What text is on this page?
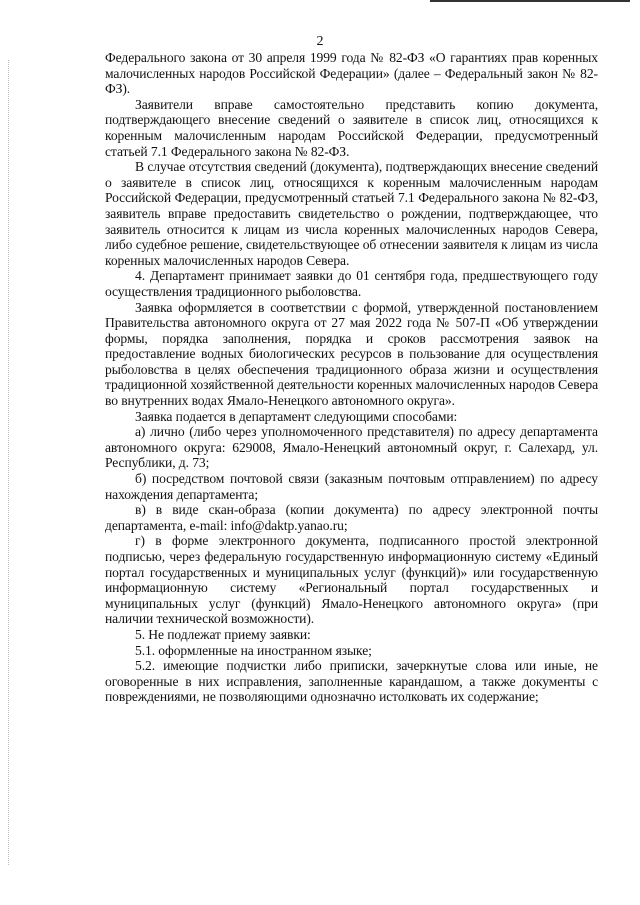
2

Федерального закона от 30 апреля 1999 года № 82-ФЗ «О гарантиях прав коренных малочисленных народов Российской Федерации» (далее – Федеральный закон № 82-ФЗ).

Заявители вправе самостоятельно представить копию документа, подтверждающего внесение сведений о заявителе в список лиц, относящихся к коренным малочисленным народам Российской Федерации, предусмотренный статьей 7.1 Федерального закона № 82-ФЗ.

В случае отсутствия сведений (документа), подтверждающих внесение сведений о заявителе в список лиц, относящихся к коренным малочисленным народам Российской Федерации, предусмотренный статьей 7.1 Федерального закона № 82-ФЗ, заявитель вправе предоставить свидетельство о рождении, подтверждающее, что заявитель относится к лицам из числа коренных малочисленных народов Севера, либо судебное решение, свидетельствующее об отнесении заявителя к лицам из числа коренных малочисленных народов Севера.

4. Департамент принимает заявки до 01 сентября года, предшествующего году осуществления традиционного рыболовства.

Заявка оформляется в соответствии с формой, утвержденной постановлением Правительства автономного округа от 27 мая 2022 года № 507-П «Об утверждении формы, порядка заполнения, порядка и сроков рассмотрения заявок на предоставление водных биологических ресурсов в пользование для осуществления рыболовства в целях обеспечения традиционного образа жизни и осуществления традиционной хозяйственной деятельности коренных малочисленных народов Севера во внутренних водах Ямало-Ненецкого автономного округа».

Заявка подается в департамент следующими способами:

а) лично (либо через уполномоченного представителя) по адресу департамента автономного округа: 629008, Ямало-Ненецкий автономный округ, г. Салехард, ул. Республики, д. 73;

б) посредством почтовой связи (заказным почтовым отправлением) по адресу нахождения департамента;

в) в виде скан-образа (копии документа) по адресу электронной почты департамента, e-mail: info@daktp.yanao.ru;

г) в форме электронного документа, подписанного простой электронной подписью, через федеральную государственную информационную систему «Единый портал государственных и муниципальных услуг (функций)» или государственную информационную систему «Региональный портал государственных и муниципальных услуг (функций) Ямало-Ненецкого автономного округа» (при наличии технической возможности).

5. Не подлежат приему заявки:

5.1. оформленные на иностранном языке;

5.2. имеющие подчистки либо приписки, зачеркнутые слова или иные, не оговоренные в них исправления, заполненные карандашом, а также документы с повреждениями, не позволяющими однозначно истолковать их содержание;
